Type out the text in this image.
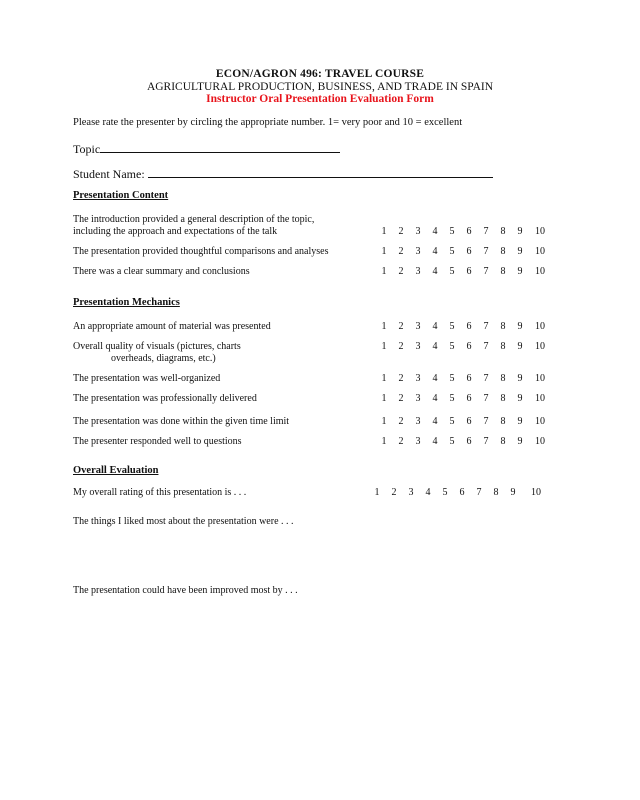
ECON/AGRON 496: TRAVEL COURSE
AGRICULTURAL PRODUCTION, BUSINESS, AND TRADE IN SPAIN
Instructor Oral Presentation Evaluation Form
Please rate the presenter by circling the appropriate number. 1= very poor and 10 = excellent
Topic
Student Name:
Presentation Content
The introduction provided a general description of the topic,
including the approach and expectations of the talk	1 2 3 4 5 6 7 8 9 10
The presentation provided thoughtful comparisons and analyses	1 2 3 4 5 6 7 8 9 10
There was a clear summary and conclusions	1 2 3 4 5 6 7 8 9 10
Presentation Mechanics
An appropriate amount of material was presented	1 2 3 4 5 6 7 8 9 10
Overall quality of visuals (pictures, charts
overheads, diagrams, etc.)
1 2 3 4 5 6 7 8 9 10
The presentation was well-organized	1 2 3 4 5 6 7 8 9 10
The presentation was professionally delivered	1 2 3 4 5 6 7 8 9 10
The presentation was done within the given time limit	1 2 3 4 5 6 7 8 9 10
The presenter responded well to questions	1 2 3 4 5 6 7 8 9 10
Overall Evaluation
My overall rating of this presentation is . . .	1 2 3 4 5 6 7 8 9 10
The things I liked most about the presentation were . . .
The presentation could have been improved most by . . .
